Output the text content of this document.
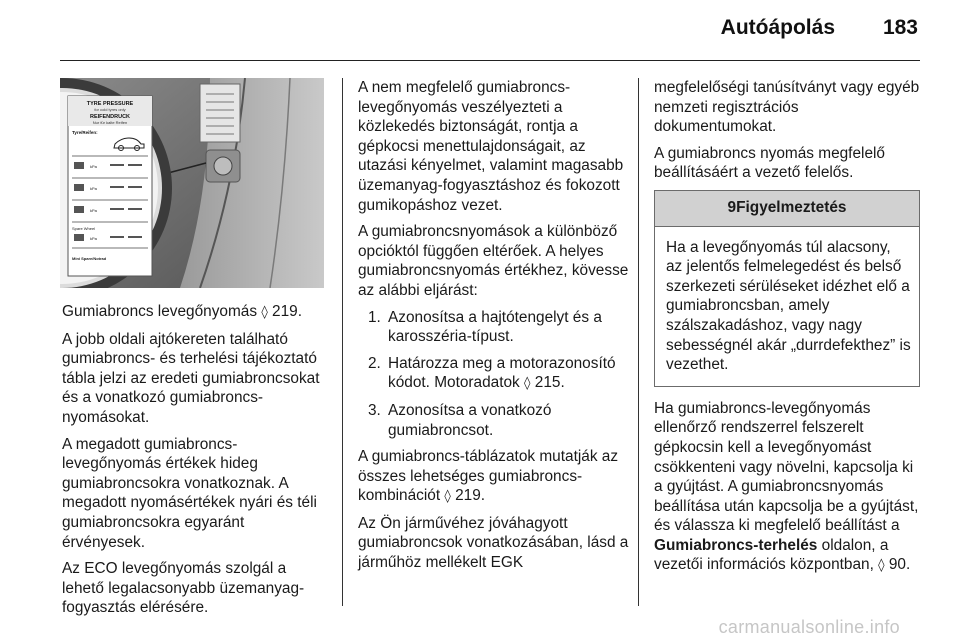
Autóápolás 183
TYRE PRESSURE
for cold tyres only
REIFENDRUCK
Nur für kalte Reifen
Tyre/Reifen:
kPa
kPa
kPa
Spare Wheel
kPa
Mini Spare/Notrad

Gumiabroncs levegőnyomás ◊ 219.

A jobb oldali ajtókereten található gumiabroncs- és terhelési tájékoztató tábla jelzi az eredeti gumiabroncsokat és a vonatkozó gumiabroncs-nyomásokat.

A megadott gumiabroncs-levegőnyomás értékek hideg gumiabroncsokra vonatkoznak. A megadott nyomásértékek nyári és téli gumiabroncsokra egyaránt érvényesek.

Az ECO levegőnyomás szolgál a lehető legalacsonyabb üzemanyag-fogyasztás elérésére.

A nem megfelelő gumiabroncs-levegőnyomás veszélyezteti a közlekedés biztonságát, rontja a gépkocsi menettulajdonságait, az utazási kényelmet, valamint magasabb üzemanyag-fogyasztáshoz és fokozott gumikopáshoz vezet.

A gumiabroncsnyomások a különböző opcióktól függően eltérőek. A helyes gumiabroncsnyomás értékhez, kövesse az alábbi eljárást:

1. Azonosítsa a hajtótengelyt és a karosszéria-típust.
2. Határozza meg a motorazonosító kódot. Motoradatok ◊ 215.
3. Azonosítsa a vonatkozó gumiabroncsot.

A gumiabroncs-táblázatok mutatják az összes lehetséges gumiabroncs-kombinációt ◊ 219.

Az Ön járművéhez jóváhagyott gumiabroncsok vonatkozásában, lásd a járműhöz mellékelt EGK

megfelelőségi tanúsítványt vagy egyéb nemzeti regisztrációs dokumentumokat.

A gumiabroncs nyomás megfelelő beállításáért a vezető felelős.

9Figyelmeztetés
Ha a levegőnyomás túl alacsony, az jelentős felmelegedést és belső szerkezeti sérüléseket idézhet elő a gumiabroncsban, amely szálszakadáshoz, vagy nagy sebességnél akár „durrdefekthez” is vezethet.

Ha gumiabroncs-levegőnyomás ellenőrző rendszerrel felszerelt gépkocsin kell a levegőnyomást csökkenteni vagy növelni, kapcsolja ki a gyújtást. A gumiabroncsnyomás beállítása után kapcsolja be a gyújtást, és válassza ki megfelelő beállítást a Gumiabroncs-terhelés oldalon, a vezetői információs központban, ◊ 90.

carmanualsonline.info
